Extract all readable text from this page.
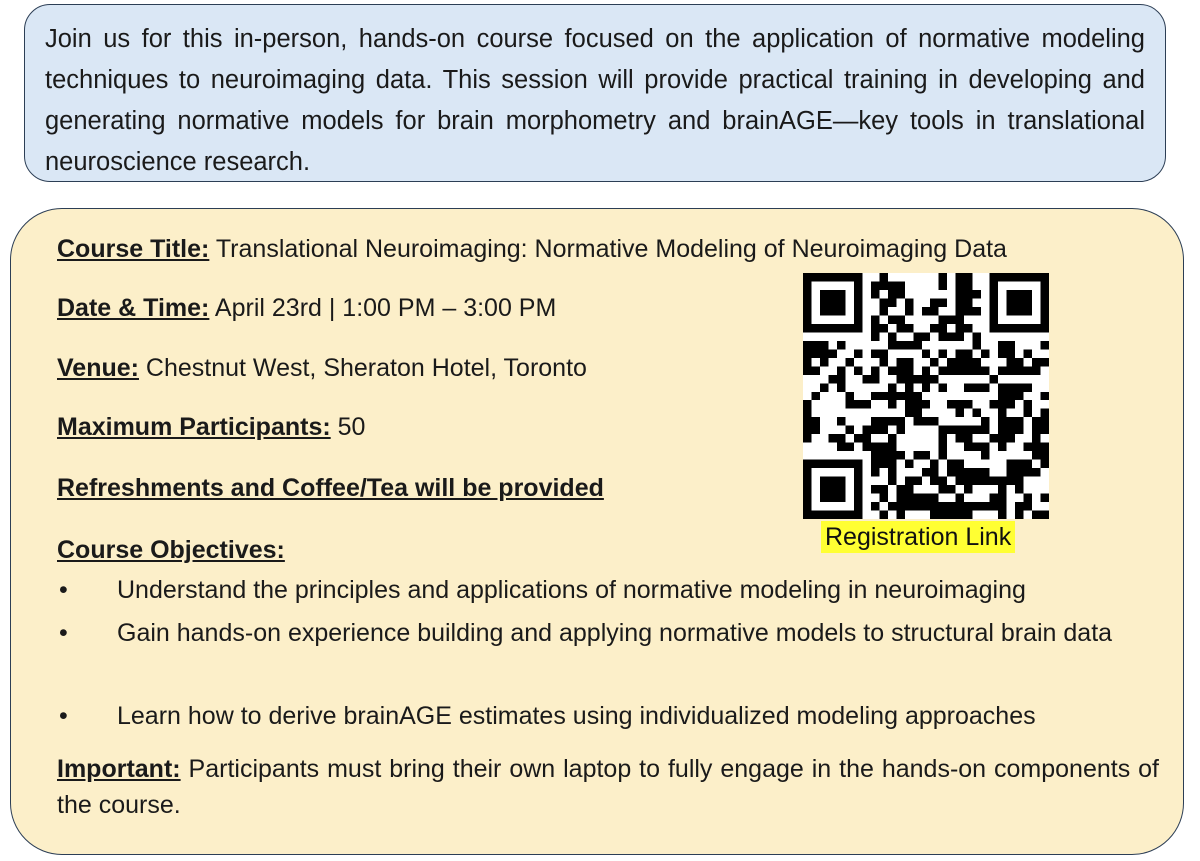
Join us for this in-person, hands-on course focused on the application of normative modeling techniques to neuroimaging data. This session will provide practical training in developing and generating normative models for brain morphometry and brainAGE—key tools in translational neuroscience research.

Course Title: Translational Neuroimaging: Normative Modeling of Neuroimaging Data
Date & Time: April 23rd | 1:00 PM – 3:00 PM
Venue: Chestnut West, Sheraton Hotel, Toronto
Maximum Participants: 50
Refreshments and Coffee/Tea will be provided
Course Objectives:
• Understand the principles and applications of normative modeling in neuroimaging
• Gain hands-on experience building and applying normative models to structural brain data
• Learn how to derive brainAGE estimates using individualized modeling approaches

Important: Participants must bring their own laptop to fully engage in the hands-on components of the course.

Registration Link
